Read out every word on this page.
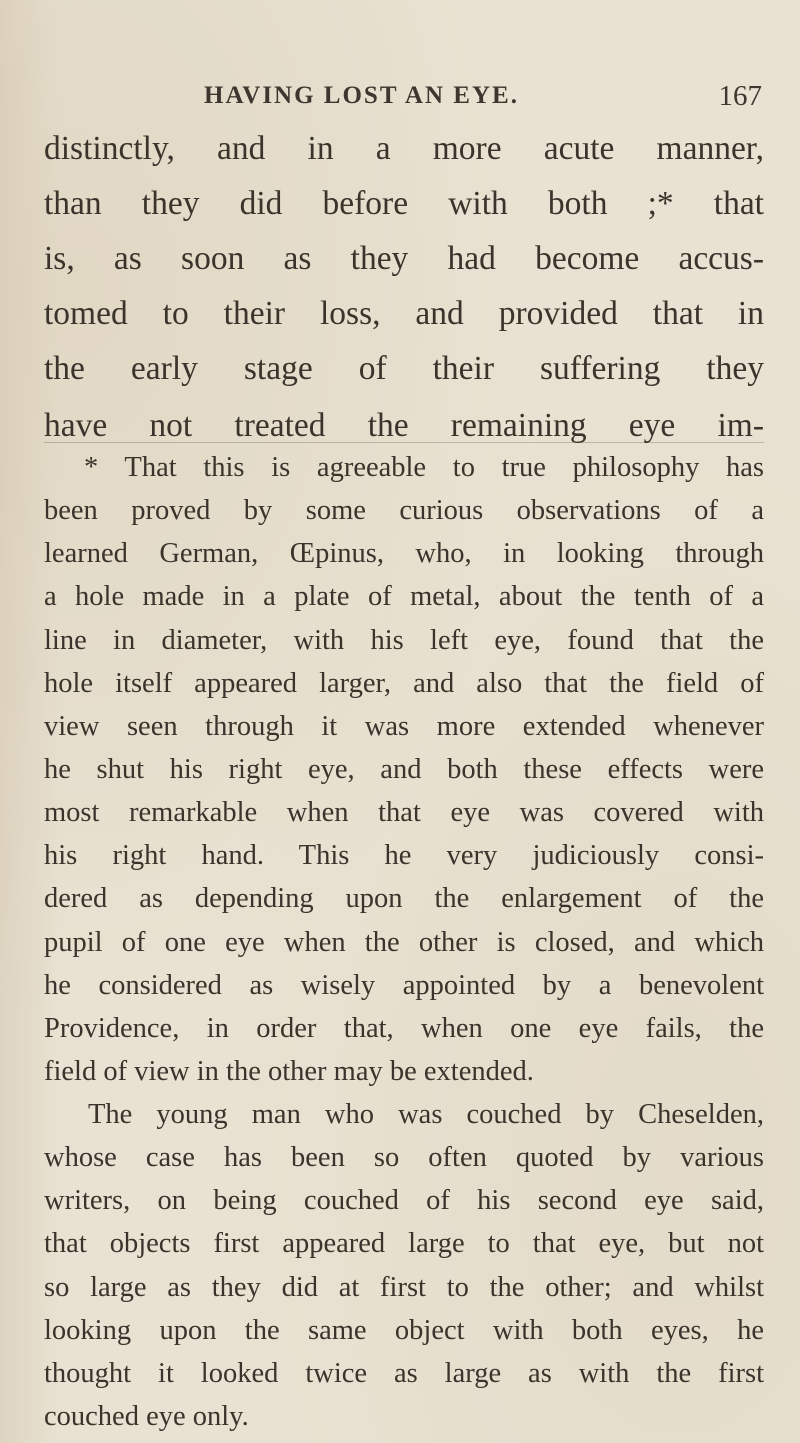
HAVING LOST AN EYE.	167
distinctly, and in a more acute manner,
than they did before with both ;* that
is, as soon as they had become accus-
tomed to their loss, and provided that in
the early stage of their suffering they
have not treated the remaining eye im-
* That this is agreeable to true philosophy has
been proved by some curious observations of a
learned German, Œpinus, who, in looking through
a hole made in a plate of metal, about the tenth of a
line in diameter, with his left eye, found that the
hole itself appeared larger, and also that the field of
view seen through it was more extended whenever
he shut his right eye, and both these effects were
most remarkable when that eye was covered with
his right hand. This he very judiciously consi-
dered as depending upon the enlargement of the
pupil of one eye when the other is closed, and which
he considered as wisely appointed by a benevolent
Providence, in order that, when one eye fails, the
field of view in the other may be extended.
The young man who was couched by Cheselden,
whose case has been so often quoted by various
writers, on being couched of his second eye said,
that objects first appeared large to that eye, but not
so large as they did at first to the other; and whilst
looking upon the same object with both eyes, he
thought it looked twice as large as with the first
couched eye only.
